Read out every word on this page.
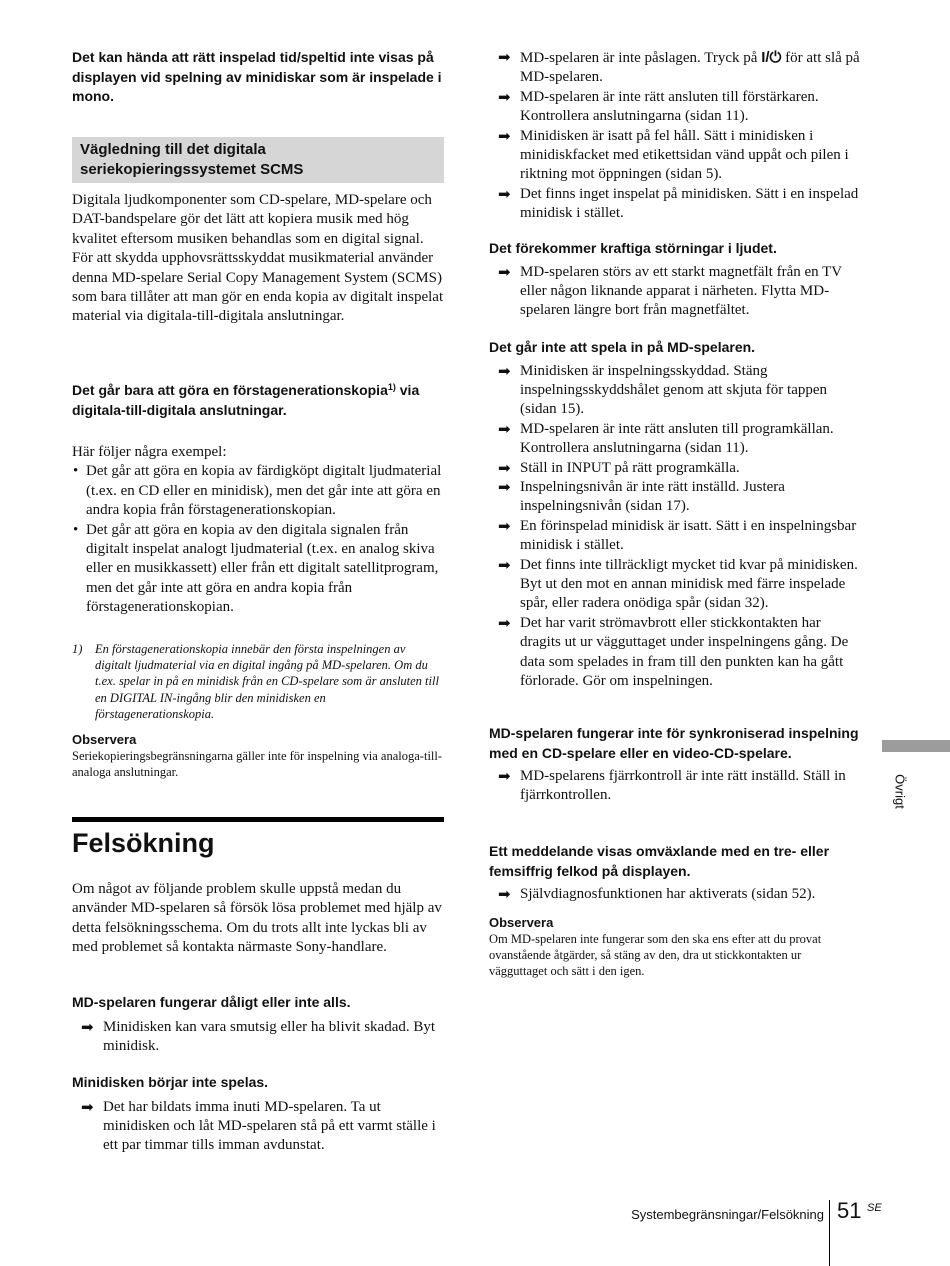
Det kan hända att rätt inspelad tid/speltid inte visas på displayen vid spelning av minidiskar som är inspelade i mono.

Vägledning till det digitala seriekopieringssystemet SCMS

Digitala ljudkomponenter som CD-spelare, MD-spelare och DAT-bandspelare gör det lätt att kopiera musik med hög kvalitet eftersom musiken behandlas som en digital signal.

För att skydda upphovsrättsskyddat musikmaterial använder denna MD-spelare Serial Copy Management System (SCMS) som bara tillåter att man gör en enda kopia av digitalt inspelat material via digitala-till-digitala anslutningar.

Det går bara att göra en förstagenerationskopia$^{1)}$ via digitala-till-digitala anslutningar.

Här följer några exempel:

• Det går att göra en kopia av färdigköpt digitalt ljudmaterial (t.ex. en CD eller en minidisk), men det går inte att göra en andra kopia från förstagenerationskopian.

• Det går att göra en kopia av den digitala signalen från digitalt inspelat analogt ljudmaterial (t.ex. en analog skiva eller en musikkassett) eller från ett digitalt satellitprogram, men det går inte att göra en andra kopia från förstagenerationskopian.

1) En förstagenerationskopia innebär den första inspelningen av digitalt ljudmaterial via en digital ingång på MD-spelaren. Om du t.ex. spelar in på en minidisk från en CD-spelare som är ansluten till en DIGITAL IN-ingång blir den minidisken en förstagenerationskopia.

Observera

Seriekopieringsbegränsningarna gäller inte för inspelning via analoga-till-analoga anslutningar.

Felsökning

Om något av följande problem skulle uppstå medan du använder MD-spelaren så försök lösa problemet med hjälp av detta felsökningsschema. Om du trots allt inte lyckas bli av med problemet så kontakta närmaste Sony-handlare.

MD-spelaren fungerar dåligt eller inte alls.

➡ Minidisken kan vara smutsig eller ha blivit skadad. Byt minidisk.

Minidisken börjar inte spelas.

➡ Det har bildats imma inuti MD-spelaren. Ta ut minidisken och låt MD-spelaren stå på ett varmt ställe i ett par timmar tills imman avdunstat.

➡ MD-spelaren är inte påslagen. Tryck på I/⏻ för att slå på MD-spelaren.

➡ MD-spelaren är inte rätt ansluten till förstärkaren. Kontrollera anslutningarna (sidan 11).

➡ Minidisken är isatt på fel håll. Sätt i minidisken i minidiskfacket med etikettsidan vänd uppåt och pilen i riktning mot öppningen (sidan 5).

➡ Det finns inget inspelat på minidisken. Sätt i en inspelad minidisk i stället.

Det förekommer kraftiga störningar i ljudet.

➡ MD-spelaren störs av ett starkt magnetfält från en TV eller någon liknande apparat i närheten. Flytta MD-spelaren längre bort från magnetfältet.

Det går inte att spela in på MD-spelaren.

➡ Minidisken är inspelningsskyddad. Stäng inspelningsskyddshålet genom att skjuta för tappen (sidan 15).

➡ MD-spelaren är inte rätt ansluten till programkällan. Kontrollera anslutningarna (sidan 11).

➡ Ställ in INPUT på rätt programkälla.

➡ Inspelningsnivån är inte rätt inställd. Justera inspelningsnivån (sidan 17).

➡ En förinspelad minidisk är isatt. Sätt i en inspelningsbar minidisk i stället.

➡ Det finns inte tillräckligt mycket tid kvar på minidisken. Byt ut den mot en annan minidisk med färre inspelade spår, eller radera onödiga spår (sidan 32).

➡ Det har varit strömavbrott eller stickkontakten har dragits ut ur vägguttaget under inspelningens gång. De data som spelades in fram till den punkten kan ha gått förlorade. Gör om inspelningen.

MD-spelaren fungerar inte för synkroniserad inspelning med en CD-spelare eller en video-CD-spelare.

➡ MD-spelarens fjärrkontroll är inte rätt inställd. Ställ in fjärrkontrollen.

Ett meddelande visas omväxlande med en tre- eller femsiffrig felkod på displayen.

➡ Självdiagnosfunktionen har aktiverats (sidan 52).

Observera

Om MD-spelaren inte fungerar som den ska ens efter att du provat ovanstående åtgärder, så stäng av den, dra ut stickkontakten ur vägguttaget och sätt i den igen.

Övrigt
Systembegränsningar/Felsökning 51 SE
